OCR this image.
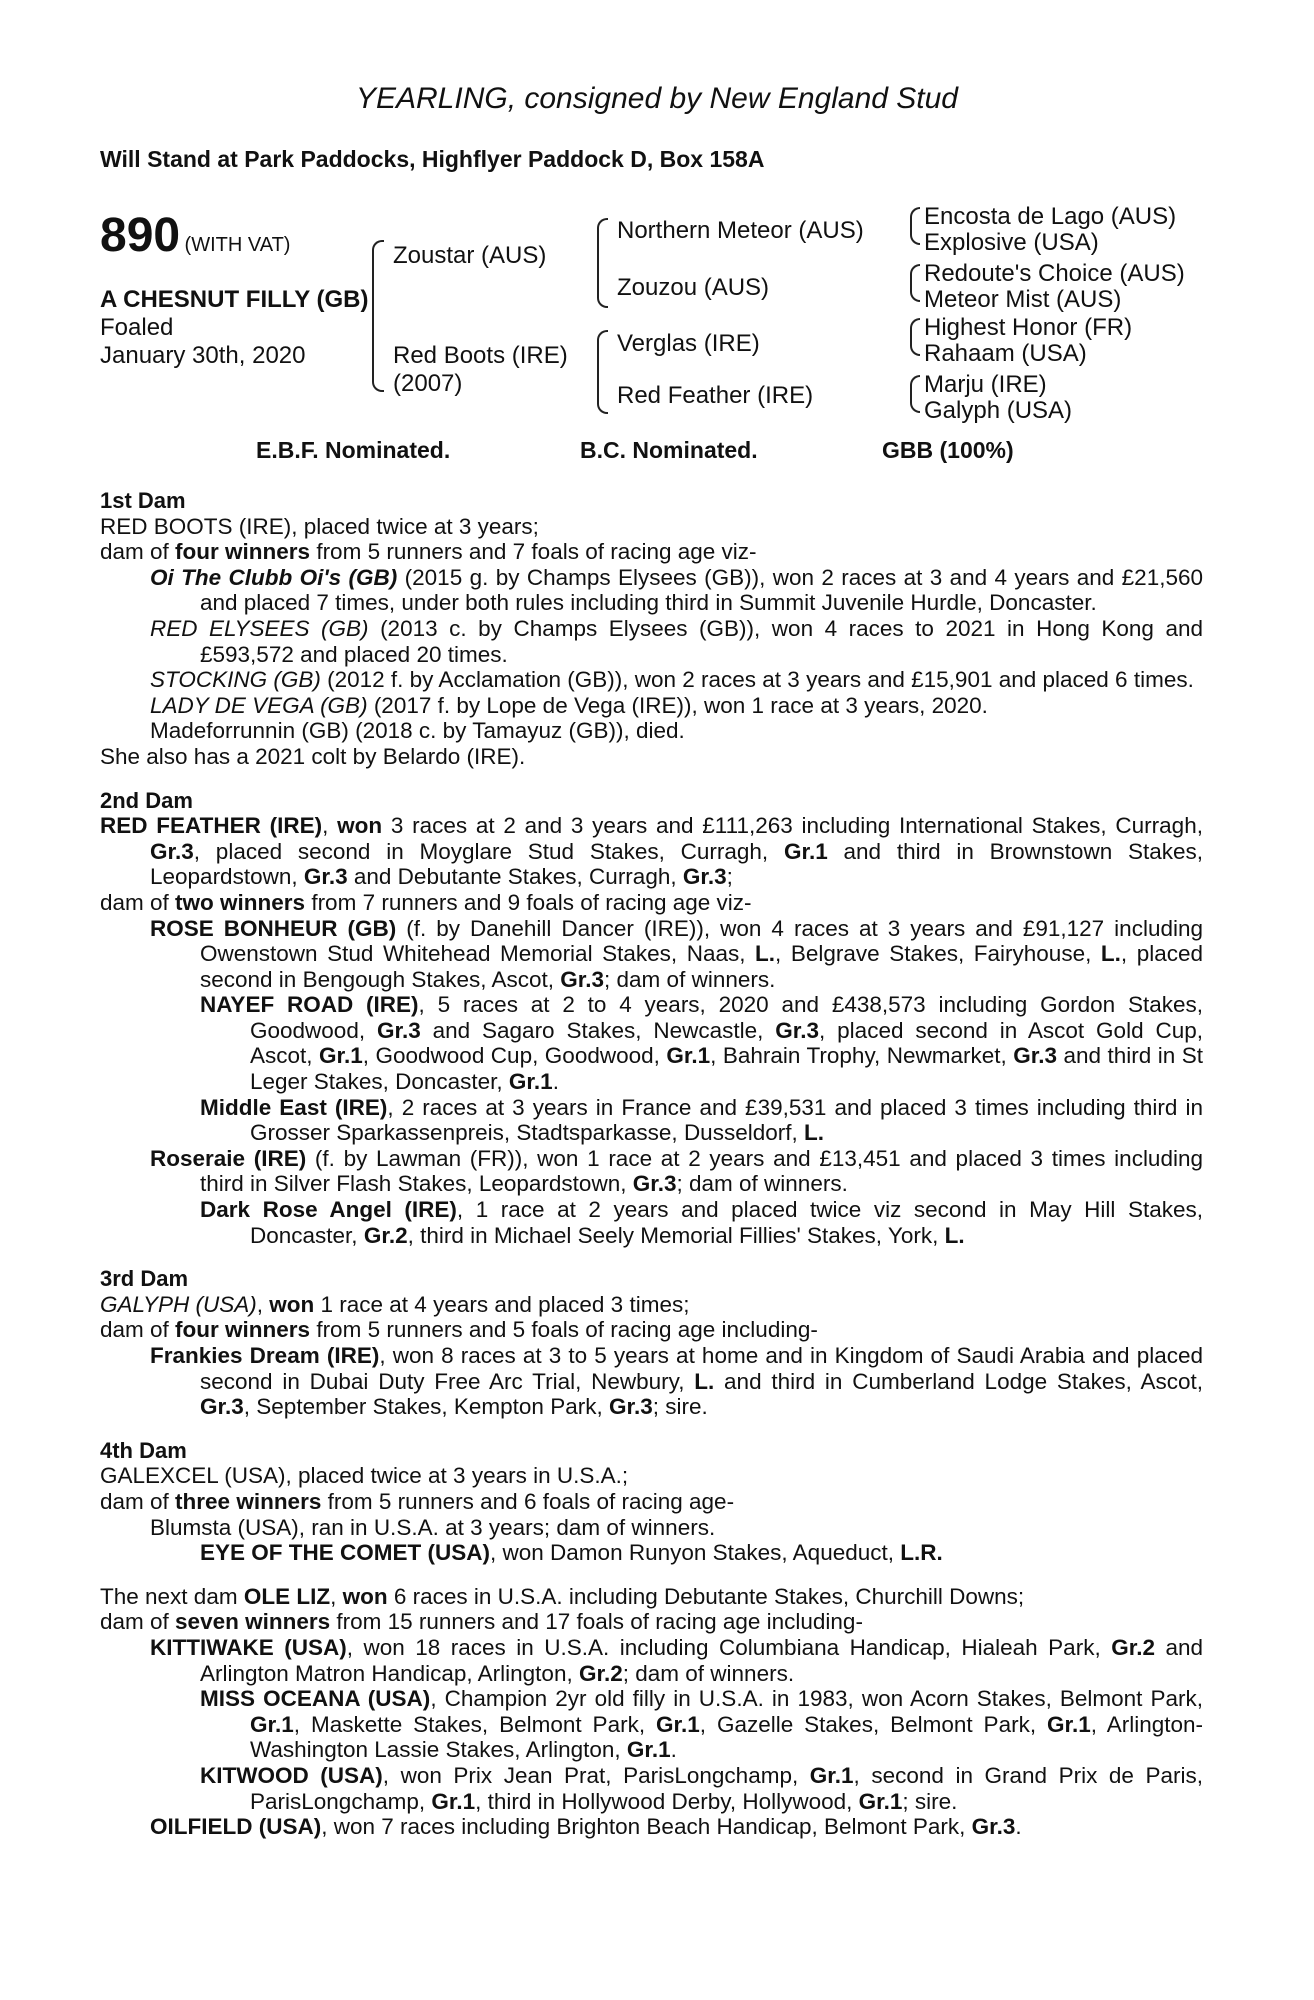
YEARLING, consigned by New England Stud
Will Stand at Park Paddocks, Highflyer Paddock D, Box 158A
890 (WITH VAT)
A CHESNUT FILLY (GB)
Foaled
January 30th, 2020
Zoustar (AUS)
Red Boots (IRE)
(2007)
Northern Meteor (AUS)
Zouzou (AUS)
Verglas (IRE)
Red Feather (IRE)
Encosta de Lago (AUS)
Explosive (USA)
Redoute's Choice (AUS)
Meteor Mist (AUS)
Highest Honor (FR)
Rahaam (USA)
Marju (IRE)
Galyph (USA)
E.B.F. Nominated.	B.C. Nominated.	GBB (100%)
1st Dam

RED BOOTS (IRE), placed twice at 3 years;

dam of four winners from 5 runners and 7 foals of racing age viz-

Oi The Clubb Oi's (GB) (2015 g. by Champs Elysees (GB)), won 2 races at 3 and 4 years and £21,560 and placed 7 times, under both rules including third in Summit Juvenile Hurdle, Doncaster.

RED ELYSEES (GB) (2013 c. by Champs Elysees (GB)), won 4 races to 2021 in Hong Kong and £593,572 and placed 20 times.

STOCKING (GB) (2012 f. by Acclamation (GB)), won 2 races at 3 years and £15,901 and placed 6 times.

LADY DE VEGA (GB) (2017 f. by Lope de Vega (IRE)), won 1 race at 3 years, 2020.

Madeforrunnin (GB) (2018 c. by Tamayuz (GB)), died.

She also has a 2021 colt by Belardo (IRE).

2nd Dam

RED FEATHER (IRE), won 3 races at 2 and 3 years and £111,263 including International Stakes, Curragh, Gr.3, placed second in Moyglare Stud Stakes, Curragh, Gr.1 and third in Brownstown Stakes, Leopardstown, Gr.3 and Debutante Stakes, Curragh, Gr.3;

dam of two winners from 7 runners and 9 foals of racing age viz-

ROSE BONHEUR (GB) (f. by Danehill Dancer (IRE)), won 4 races at 3 years and £91,127 including Owenstown Stud Whitehead Memorial Stakes, Naas, L., Belgrave Stakes, Fairyhouse, L., placed second in Bengough Stakes, Ascot, Gr.3; dam of winners.

NAYEF ROAD (IRE), 5 races at 2 to 4 years, 2020 and £438,573 including Gordon Stakes, Goodwood, Gr.3 and Sagaro Stakes, Newcastle, Gr.3, placed second in Ascot Gold Cup, Ascot, Gr.1, Goodwood Cup, Goodwood, Gr.1, Bahrain Trophy, Newmarket, Gr.3 and third in St Leger Stakes, Doncaster, Gr.1.

Middle East (IRE), 2 races at 3 years in France and £39,531 and placed 3 times including third in Grosser Sparkassenpreis, Stadtsparkasse, Dusseldorf, L.

Roseraie (IRE) (f. by Lawman (FR)), won 1 race at 2 years and £13,451 and placed 3 times including third in Silver Flash Stakes, Leopardstown, Gr.3; dam of winners.

Dark Rose Angel (IRE), 1 race at 2 years and placed twice viz second in May Hill Stakes, Doncaster, Gr.2, third in Michael Seely Memorial Fillies' Stakes, York, L.

3rd Dam

GALYPH (USA), won 1 race at 4 years and placed 3 times;

dam of four winners from 5 runners and 5 foals of racing age including-

Frankies Dream (IRE), won 8 races at 3 to 5 years at home and in Kingdom of Saudi Arabia and placed second in Dubai Duty Free Arc Trial, Newbury, L. and third in Cumberland Lodge Stakes, Ascot, Gr.3, September Stakes, Kempton Park, Gr.3; sire.

4th Dam

GALEXCEL (USA), placed twice at 3 years in U.S.A.;

dam of three winners from 5 runners and 6 foals of racing age-

Blumsta (USA), ran in U.S.A. at 3 years; dam of winners.

EYE OF THE COMET (USA), won Damon Runyon Stakes, Aqueduct, L.R.

The next dam OLE LIZ, won 6 races in U.S.A. including Debutante Stakes, Churchill Downs;

dam of seven winners from 15 runners and 17 foals of racing age including-

KITTIWAKE (USA), won 18 races in U.S.A. including Columbiana Handicap, Hialeah Park, Gr.2 and Arlington Matron Handicap, Arlington, Gr.2; dam of winners.

MISS OCEANA (USA), Champion 2yr old filly in U.S.A. in 1983, won Acorn Stakes, Belmont Park, Gr.1, Maskette Stakes, Belmont Park, Gr.1, Gazelle Stakes, Belmont Park, Gr.1, Arlington-Washington Lassie Stakes, Arlington, Gr.1.

KITWOOD (USA), won Prix Jean Prat, ParisLongchamp, Gr.1, second in Grand Prix de Paris, ParisLongchamp, Gr.1, third in Hollywood Derby, Hollywood, Gr.1; sire.

OILFIELD (USA), won 7 races including Brighton Beach Handicap, Belmont Park, Gr.3.
